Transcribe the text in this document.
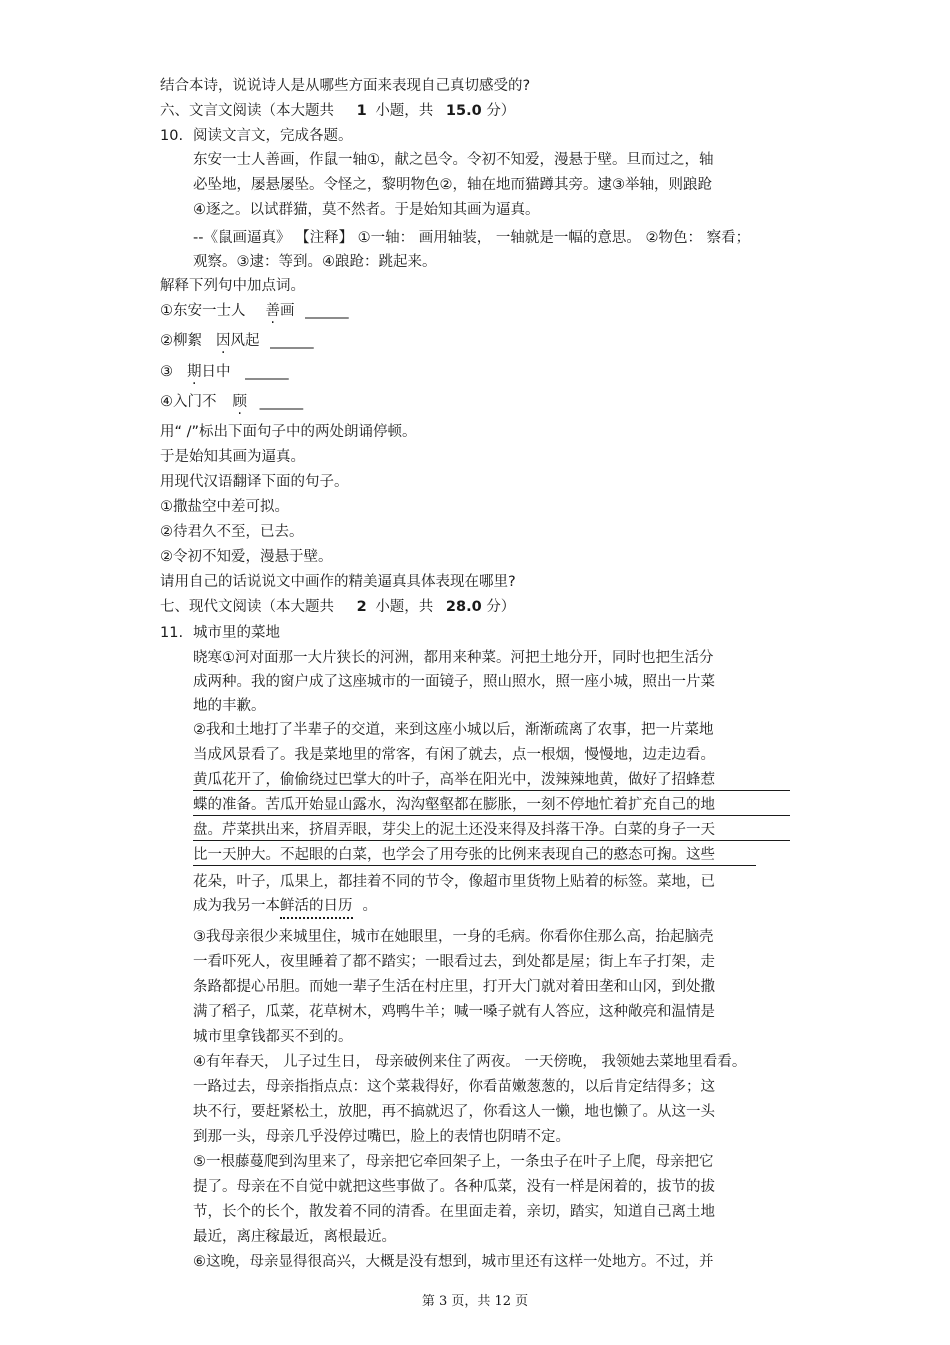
结合本诗，说说诗人是从哪些方面来表现自己真切感受的?
六、文言文阅读（本大题共 1 小题，共 15.0 分）
10. 阅读文言文，完成各题。
东安一士人善画，作鼠一轴①，献之邑令。令初不知爱，漫悬于壁。旦而过之，轴
必坠地，屡悬屡坠。令怪之，黎明物色②，轴在地而猫蹲其旁。逮③举轴，则踉跄
④逐之。以试群猫，莫不然者。于是始知其画为逼真。
--《鼠画逼真》 【注释】 ①一轴： 画用轴装， 一轴就是一幅的意思。 ②物色： 察看；
观察。③逮：等到。④踉跄：跳起来。
解释下列句中加点词。
①东安一士人 善画 ______
②柳絮 因风起 ______
③ 期日中 ______
④入门不 顾 ______
用“ /”标出下面句子中的两处朗诵停顿。
于是始知其画为逼真。
用现代汉语翻译下面的句子。
①撒盐空中差可拟。
②待君久不至，已去。
②令初不知爱，漫悬于壁。
请用自己的话说说文中画作的精美逼真具体表现在哪里?
七、现代文阅读（本大题共 2 小题，共 28.0 分）
11. 城市里的菜地
晓寒①河对面那一大片狭长的河洲，都用来种菜。河把土地分开，同时也把生活分
成两种。我的窗户成了这座城市的一面镜子，照山照水，照一座小城，照出一片菜
地的丰歉。
②我和土地打了半辈子的交道，来到这座小城以后，渐渐疏离了农事，把一片菜地
当成风景看了。我是菜地里的常客，有闲了就去，点一根烟，慢慢地，边走边看。
黄瓜花开了，偷偷绕过巴掌大的叶子，高举在阳光中，泼辣辣地黄，做好了招蜂惹
蝶的准备。苦瓜开始显山露水，沟沟壑壑都在膨胀，一刻不停地忙着扩充自己的地
盘。芹菜拱出来，挤眉弄眼，芽尖上的泥土还没来得及抖落干净。白菜的身子一天
比一天肿大。不起眼的白菜，也学会了用夸张的比例来表现自己的憨态可掬。这些
花朵，叶子，瓜果上，都挂着不同的节令，像超市里货物上贴着的标签。菜地，已
成为我另一本鲜活的日历 。
③我母亲很少来城里住，城市在她眼里，一身的毛病。你看你住那么高，抬起脑壳
一看吓死人，夜里睡着了都不踏实；一眼看过去，到处都是屋；街上车子打架，走
条路都提心吊胆。而她一辈子生活在村庄里，打开大门就对着田垄和山冈，到处撒
满了稻子，瓜菜，花草树木，鸡鸭牛羊；喊一嗓子就有人答应，这种敞亮和温情是
城市里拿钱都买不到的。
④有年春天， 儿子过生日， 母亲破例来住了两夜。 一天傍晚， 我领她去菜地里看看。
一路过去，母亲指指点点：这个菜栽得好，你看苗嫩葱葱的，以后肯定结得多；这
块不行，要赶紧松土，放肥，再不搞就迟了，你看这人一懒，地也懒了。从这一头
到那一头，母亲几乎没停过嘴巴，脸上的表情也阴晴不定。
⑤一根藤蔓爬到沟里来了，母亲把它牵回架子上，一条虫子在叶子上爬，母亲把它
提了。母亲在不自觉中就把这些事做了。各种瓜菜，没有一样是闲着的，拔节的拔
节，长个的长个，散发着不同的清香。在里面走着，亲切，踏实，知道自己离土地
最近，离庄稼最近，离根最近。
⑥这晚，母亲显得很高兴，大概是没有想到，城市里还有这样一处地方。不过，并
第 3 页，共 12 页
